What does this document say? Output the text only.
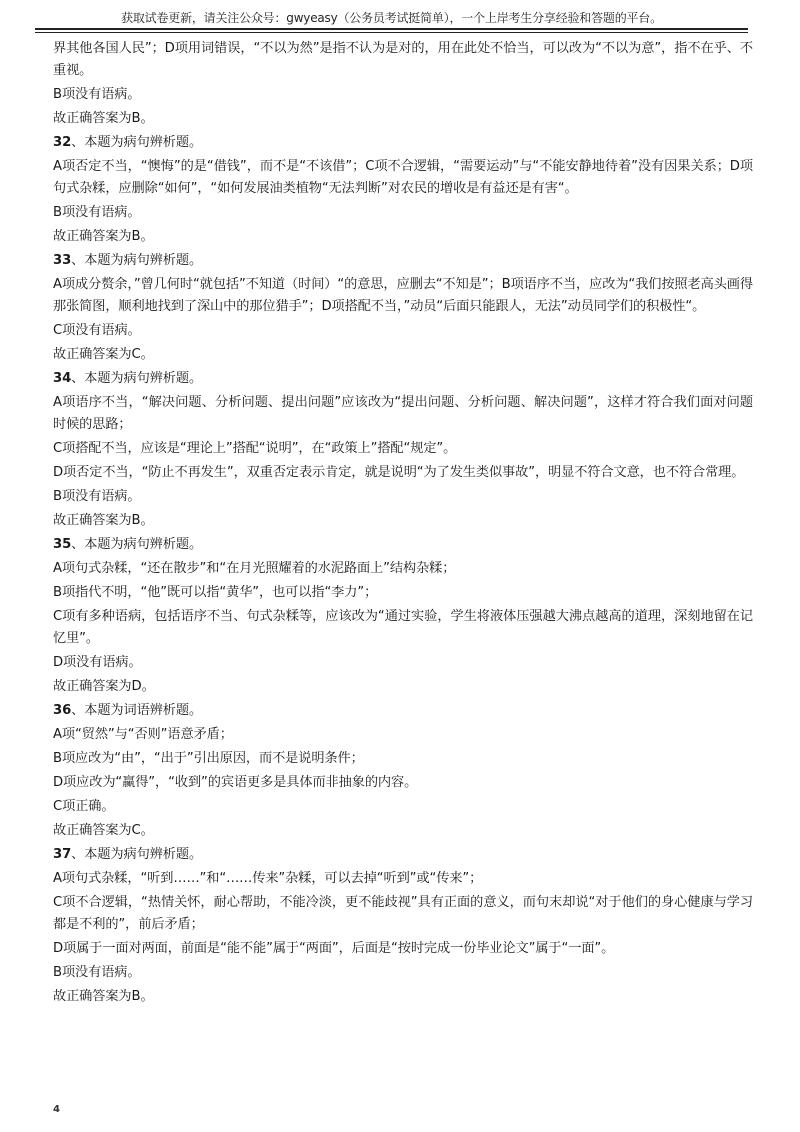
获取试卷更新，请关注公众号：gwyeasy（公务员考试挺简单），一个上岸考生分享经验和答题的平台。

界其他各国人民”；D项用词错误，“不以为然”是指不认为是对的，用在此处不恰当，可以改为“不以为意”，指不在乎、不重视。

B项没有语病。

故正确答案为B。

32、本题为病句辨析题。

A项否定不当，“懊悔”的是“借钱”，而不是“不该借”；C项不合逻辑，“需要运动”与“不能安静地待着”没有因果关系；D项句式杂糅，应删除“如何”，“如何发展油类植物“无法判断”对农民的增收是有益还是有害“。

B项没有语病。

故正确答案为B。

33、本题为病句辨析题。

A项成分赘余，”曾几何时“就包括”不知道（时间）“的意思，应删去“不知是”；B项语序不当，应改为“我们按照老高头画得那张简图，顺利地找到了深山中的那位猎手”；D项搭配不当，”动员“后面只能跟人，无法”动员同学们的积极性“。

C项没有语病。

故正确答案为C。

34、本题为病句辨析题。

A项语序不当，“解决问题、分析问题、提出问题”应该改为“提出问题、分析问题、解决问题”，这样才符合我们面对问题时候的思路；

C项搭配不当，应该是“理论上”搭配“说明”，在“政策上”搭配“规定”。

D项否定不当，“防止不再发生”，双重否定表示肯定，就是说明“为了发生类似事故”，明显不符合文意，也不符合常理。

B项没有语病。

故正确答案为B。

35、本题为病句辨析题。

A项句式杂糅，“还在散步”和“在月光照耀着的水泥路面上”结构杂糅；

B项指代不明，“他”既可以指“黄华”，也可以指“李力”；

C项有多种语病，包括语序不当、句式杂糅等，应该改为“通过实验，学生将液体压强越大沸点越高的道理，深刻地留在记忆里”。

D项没有语病。

故正确答案为D。

36、本题为词语辨析题。

A项“贸然”与“否则”语意矛盾；

B项应改为“由”，“出于”引出原因，而不是说明条件；

D项应改为“赢得”，“收到”的宾语更多是具体而非抽象的内容。

C项正确。

故正确答案为C。

37、本题为病句辨析题。

A项句式杂糅，“听到……”和“……传来”杂糅，可以去掉“听到”或“传来”；

C项不合逻辑，“热情关怀，耐心帮助，不能冷淡，更不能歧视”具有正面的意义，而句末却说“对于他们的身心健康与学习都是不利的”，前后矛盾；

D项属于一面对两面，前面是“能不能”属于“两面”，后面是“按时完成一份毕业论文”属于“一面”。

B项没有语病。

故正确答案为B。

4
